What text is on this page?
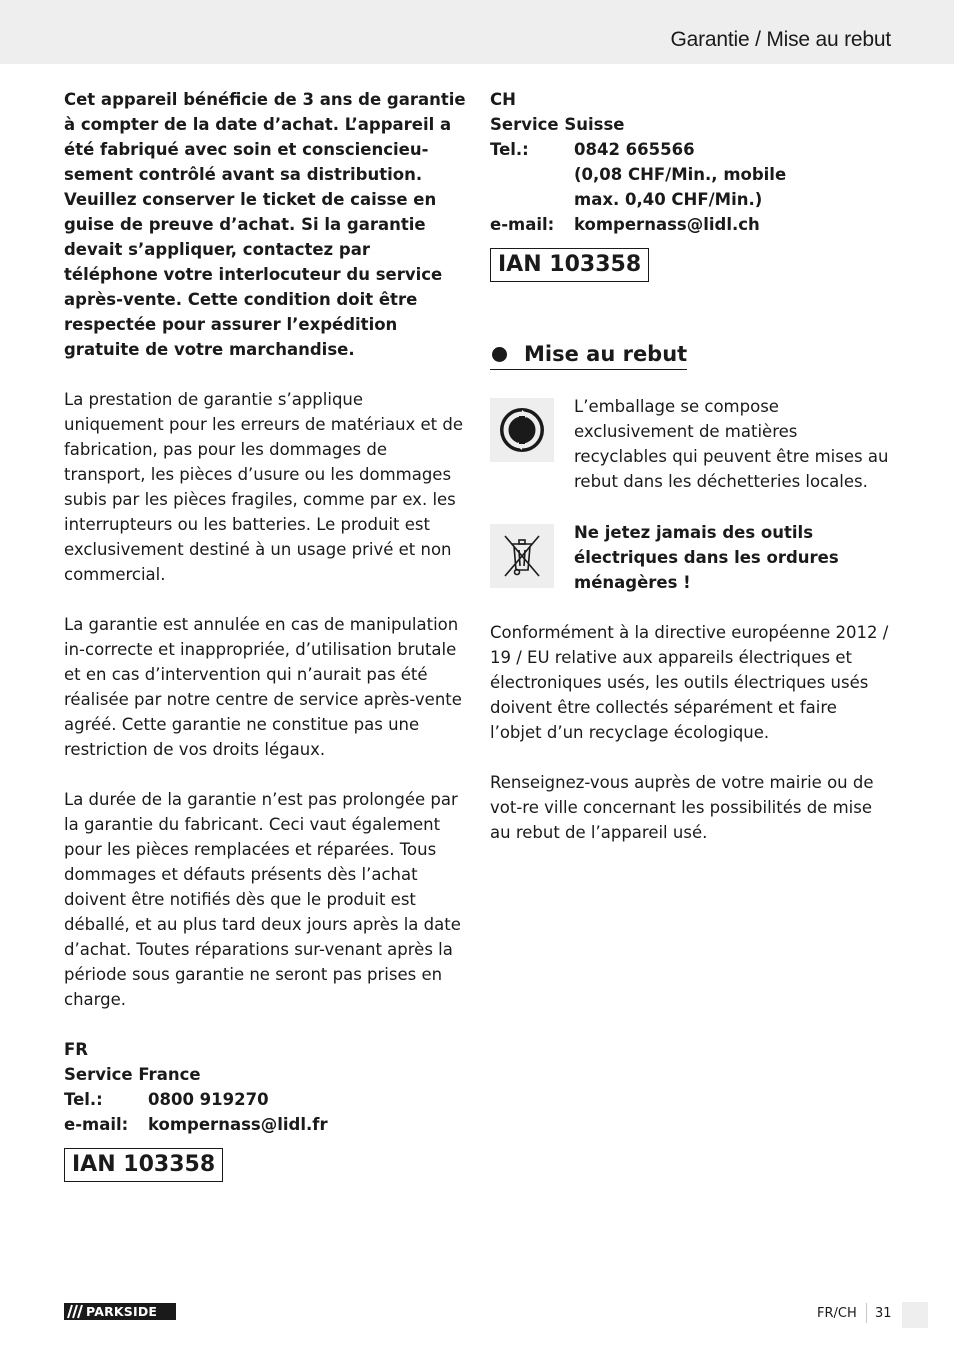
Garantie / Mise au rebut

Cet appareil bénéficie de 3 ans de garantie à compter de la date d’achat. L’appareil a été fabriqué avec soin et consciencieu-sement contrôlé avant sa distribution. Veuillez conserver le ticket de caisse en guise de preuve d’achat. Si la garantie devait s’appliquer, contactez par téléphone votre interlocuteur du service après-vente. Cette condition doit être respectée pour assurer l’expédition gratuite de votre marchandise.

La prestation de garantie s’applique uniquement pour les erreurs de matériaux et de fabrication, pas pour les dommages de transport, les pièces d’usure ou les dommages subis par les pièces fragiles, comme par ex. les interrupteurs ou les batteries. Le produit est exclusivement destiné à un usage privé et non commercial.

La garantie est annulée en cas de manipulation in-correcte et inappropriée, d’utilisation brutale et en cas d’intervention qui n’aurait pas été réalisée par notre centre de service après-vente agréé. Cette garantie ne constitue pas une restriction de vos droits légaux.

La durée de la garantie n’est pas prolongée par la garantie du fabricant. Ceci vaut également pour les pièces remplacées et réparées. Tous dommages et défauts présents dès l’achat doivent être notifiés dès que le produit est déballé, et au plus tard deux jours après la date d’achat. Toutes réparations sur-venant après la période sous garantie ne seront pas prises en charge.

FR
Service France
Tel.:	0800 919270
e-mail:	kompernass@lidl.fr
IAN 103358
CH
Service Suisse
Tel.:	0842 665566
(0,08 CHF/Min., mobile
max. 0,40 CHF/Min.)
e-mail:	kompernass@lidl.ch
IAN 103358

Mise au rebut

L’emballage se compose exclusivement de matières recyclables qui peuvent être mises au rebut dans les déchetteries locales.

Ne jetez jamais des outils électriques dans les ordures ménagères !

Conformément à la directive européenne 2012 / 19 / EU relative aux appareils électriques et électroniques usés, les outils électriques usés doivent être collectés séparément et faire l’objet d’un recyclage écologique.

Renseignez-vous auprès de votre mairie ou de vot-re ville concernant les possibilités de mise au rebut de l’appareil usé.

PARKSIDE	FR/CH 31
